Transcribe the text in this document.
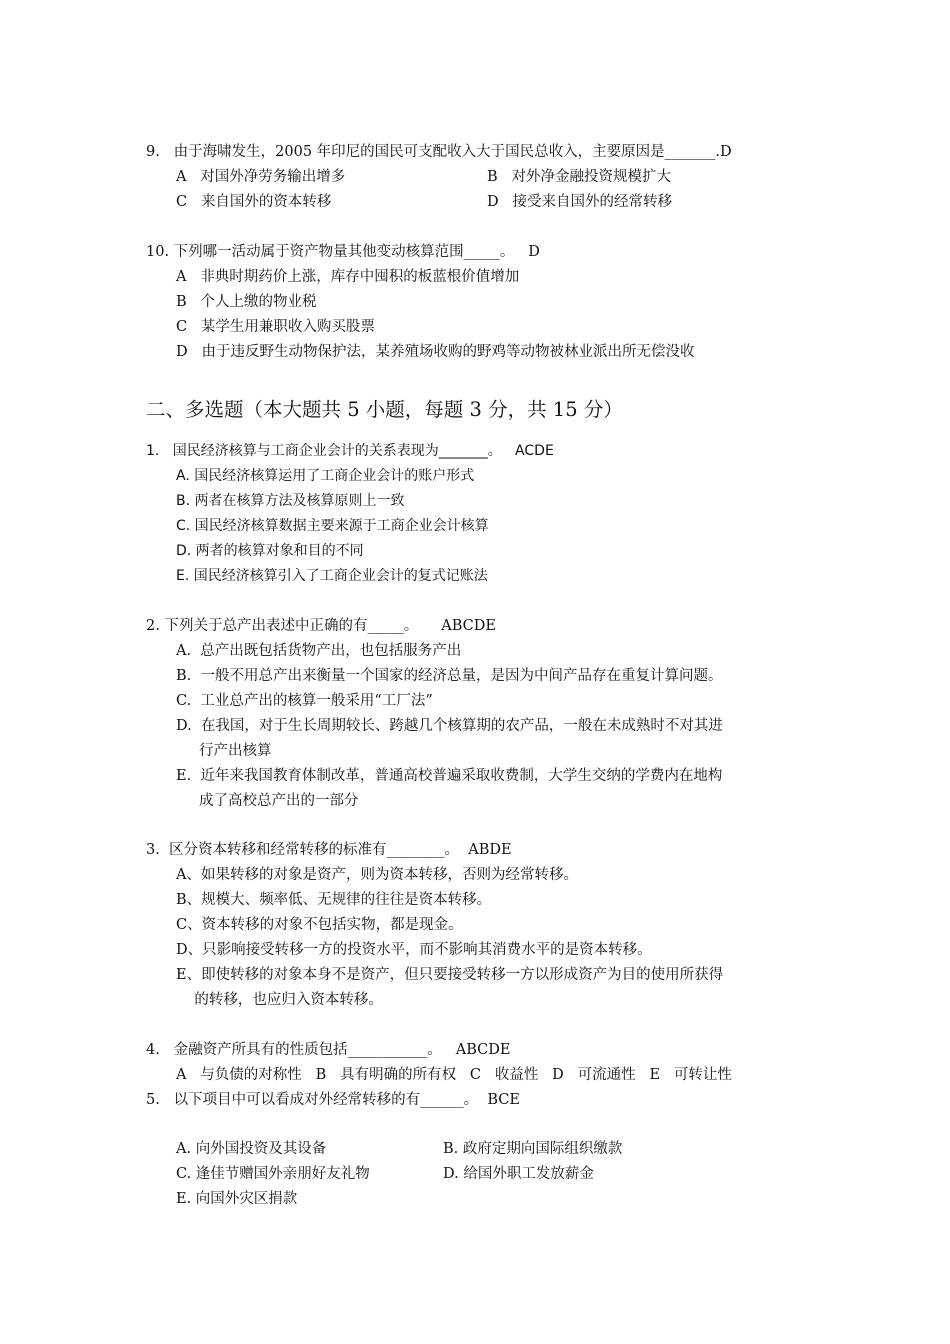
9.   由于海啸发生，2005 年印尼的国民可支配收入大于国民总收入，主要原因是_______.D
A   对国外净劳务输出增多	B   对外净金融投资规模扩大
C   来自国外的资本转移	D   接受来自国外的经常转移
10. 下列哪一活动属于资产物量其他变动核算范围_____。   D
A   非典时期药价上涨，库存中囤积的板蓝根价值增加
B   个人上缴的物业税
C   某学生用兼职收入购买股票
D   由于违反野生动物保护法，某养殖场收购的野鸡等动物被林业派出所无偿没收
二、多选题（本大题共 5 小题，每题 3 分，共 15 分）
1.   国民经济核算与工商企业会计的关系表现为_______。   ACDE
A. 国民经济核算运用了工商企业会计的账户形式
B. 两者在核算方法及核算原则上一致
C. 国民经济核算数据主要来源于工商企业会计核算
D. 两者的核算对象和目的不同
E. 国民经济核算引入了工商企业会计的复式记账法
2. 下列关于总产出表述中正确的有_____。     ABCDE
A.  总产出既包括货物产出，也包括服务产出
B.  一般不用总产出来衡量一个国家的经济总量，是因为中间产品存在重复计算问题。
C.  工业总产出的核算一般采用“工厂法”
D.  在我国，对于生长周期较长、跨越几个核算期的农产品，一般在未成熟时不对其进
行产出核算
E.  近年来我国教育体制改革，普通高校普遍采取收费制，大学生交纳的学费内在地构
成了高校总产出的一部分
3.  区分资本转移和经常转移的标准有________。  ABDE
A、如果转移的对象是资产，则为资本转移，否则为经常转移。
B、规模大、频率低、无规律的往往是资本转移。
C、资本转移的对象不包括实物，都是现金。
D、只影响接受转移一方的投资水平，而不影响其消费水平的是资本转移。
E、即使转移的对象本身不是资产，但只要接受转移一方以形成资产为目的使用所获得
的转移，也应归入资本转移。
4.   金融资产所具有的性质包括___________。   ABCDE
A   与负债的对称性   B   具有明确的所有权   C   收益性   D   可流通性   E   可转让性
5.   以下项目中可以看成对外经常转移的有______。  BCE
A. 向外国投资及其设备	B. 政府定期向国际组织缴款
C. 逢佳节赠国外亲朋好友礼物	D. 给国外职工发放薪金
E. 向国外灾区捐款
